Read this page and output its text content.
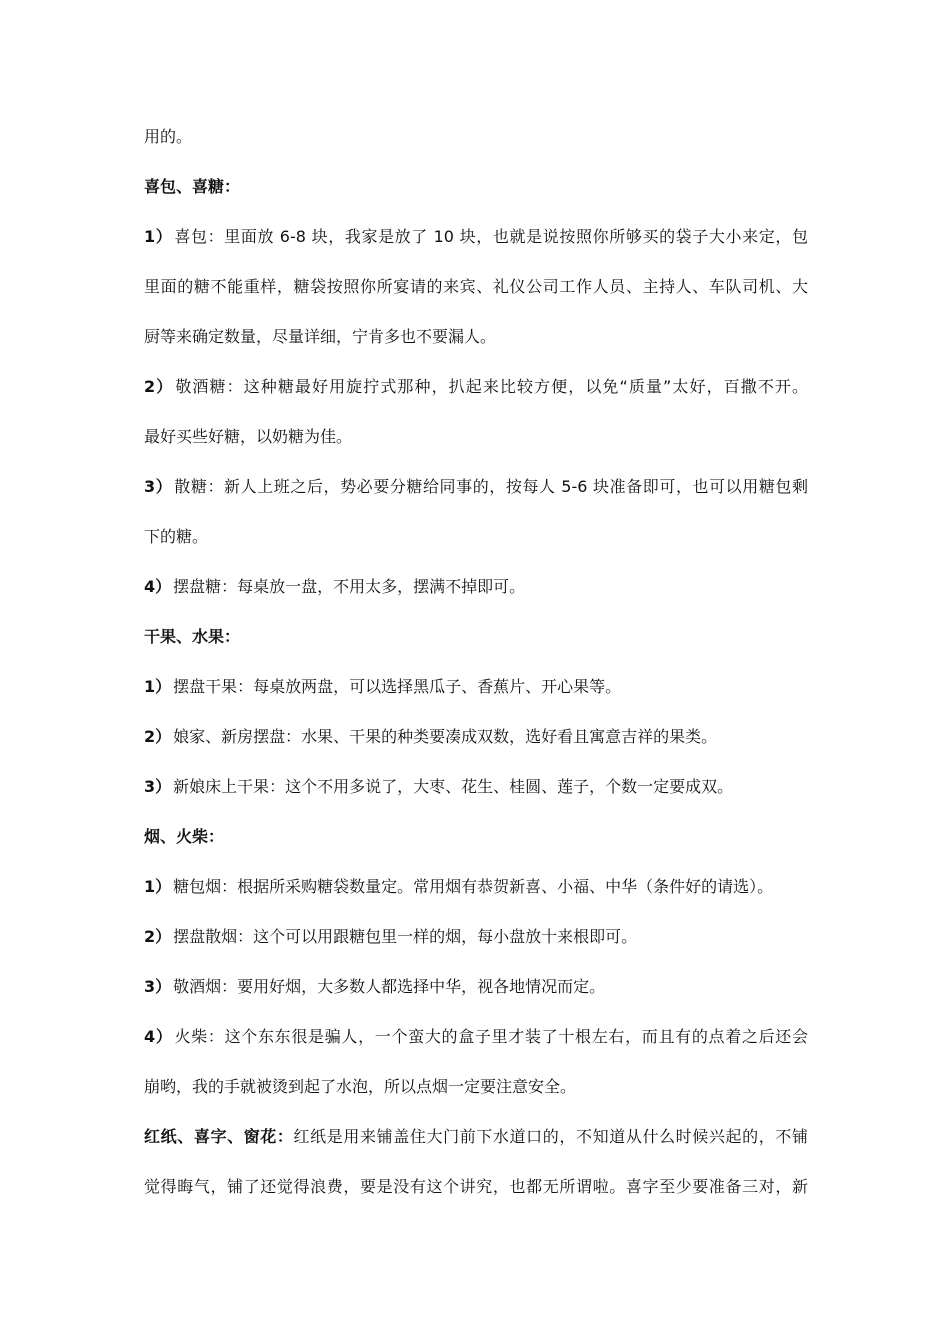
用的。
喜包、喜糖：
1） 喜包：里面放 6-8 块，我家是放了 10 块，也就是说按照你所够买的袋子大小来定，包
里面的糖不能重样，糖袋按照你所宴请的来宾、礼仪公司工作人员、主持人、车队司机、大
厨等来确定数量，尽量详细，宁肯多也不要漏人。
2） 敬酒糖：这种糖最好用旋拧式那种，扒起来比较方便，以免“质量”太好，百撒不开。
最好买些好糖，以奶糖为佳。
3） 散糖：新人上班之后，势必要分糖给同事的，按每人 5-6 块准备即可，也可以用糖包剩
下的糖。
4） 摆盘糖：每桌放一盘，不用太多，摆满不掉即可。
干果、水果：
1） 摆盘干果：每桌放两盘，可以选择黑瓜子、香蕉片、开心果等。
2） 娘家、新房摆盘：水果、干果的种类要凑成双数，选好看且寓意吉祥的果类。
3） 新娘床上干果：这个不用多说了，大枣、花生、桂圆、莲子，个数一定要成双。
烟、火柴：
1） 糖包烟：根据所采购糖袋数量定。常用烟有恭贺新喜、小福、中华（条件好的请选）。
2） 摆盘散烟：这个可以用跟糖包里一样的烟，每小盘放十来根即可。
3） 敬酒烟：要用好烟，大多数人都选择中华，视各地情况而定。
4） 火柴：这个东东很是骗人，一个蛮大的盒子里才装了十根左右，而且有的点着之后还会
崩哟，我的手就被烫到起了水泡，所以点烟一定要注意安全。
红纸、喜字、窗花：红纸是用来铺盖住大门前下水道口的，不知道从什么时候兴起的，不铺
觉得晦气，铺了还觉得浪费，要是没有这个讲究，也都无所谓啦。喜字至少要准备三对，新
